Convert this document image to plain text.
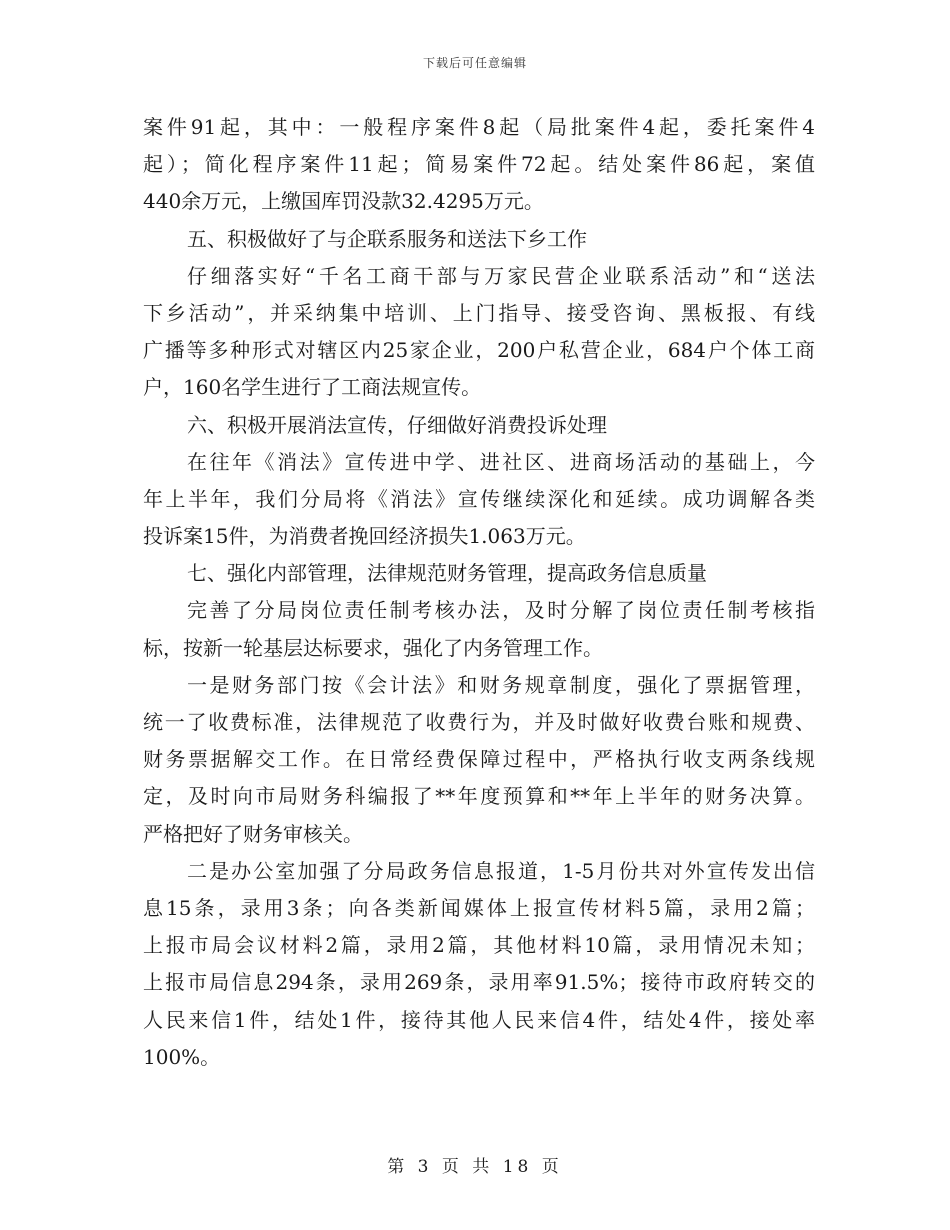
下载后可任意编辑
案件91起，其中：一般程序案件8起（局批案件4起，委托案件4
起）；简化程序案件11起；简易案件72起。结处案件86起，案值
440余万元，上缴国库罚没款32.4295万元。
五、积极做好了与企联系服务和送法下乡工作
仔细落实好“千名工商干部与万家民营企业联系活动”和“送法
下乡活动”，并采纳集中培训、上门指导、接受咨询、黑板报、有线
广播等多种形式对辖区内25家企业，200户私营企业，684户个体工商
户，160名学生进行了工商法规宣传。
六、积极开展消法宣传，仔细做好消费投诉处理
在往年《消法》宣传进中学、进社区、进商场活动的基础上，今
年上半年，我们分局将《消法》宣传继续深化和延续。成功调解各类
投诉案15件，为消费者挽回经济损失1.063万元。
七、强化内部管理，法律规范财务管理，提高政务信息质量
完善了分局岗位责任制考核办法，及时分解了岗位责任制考核指
标，按新一轮基层达标要求，强化了内务管理工作。
一是财务部门按《会计法》和财务规章制度，强化了票据管理，
统一了收费标准，法律规范了收费行为，并及时做好收费台账和规费、
财务票据解交工作。在日常经费保障过程中，严格执行收支两条线规
定，及时向市局财务科编报了**年度预算和**年上半年的财务决算。
严格把好了财务审核关。
二是办公室加强了分局政务信息报道，1-5月份共对外宣传发出信
息15条，录用3条；向各类新闻媒体上报宣传材料5篇，录用2篇；
上报市局会议材料2篇，录用2篇，其他材料10篇，录用情况未知；
上报市局信息294条，录用269条，录用率91.5%；接待市政府转交的
人民来信1件，结处1件，接待其他人民来信4件，结处4件，接处率
100%。
第 3 页 共 18 页
